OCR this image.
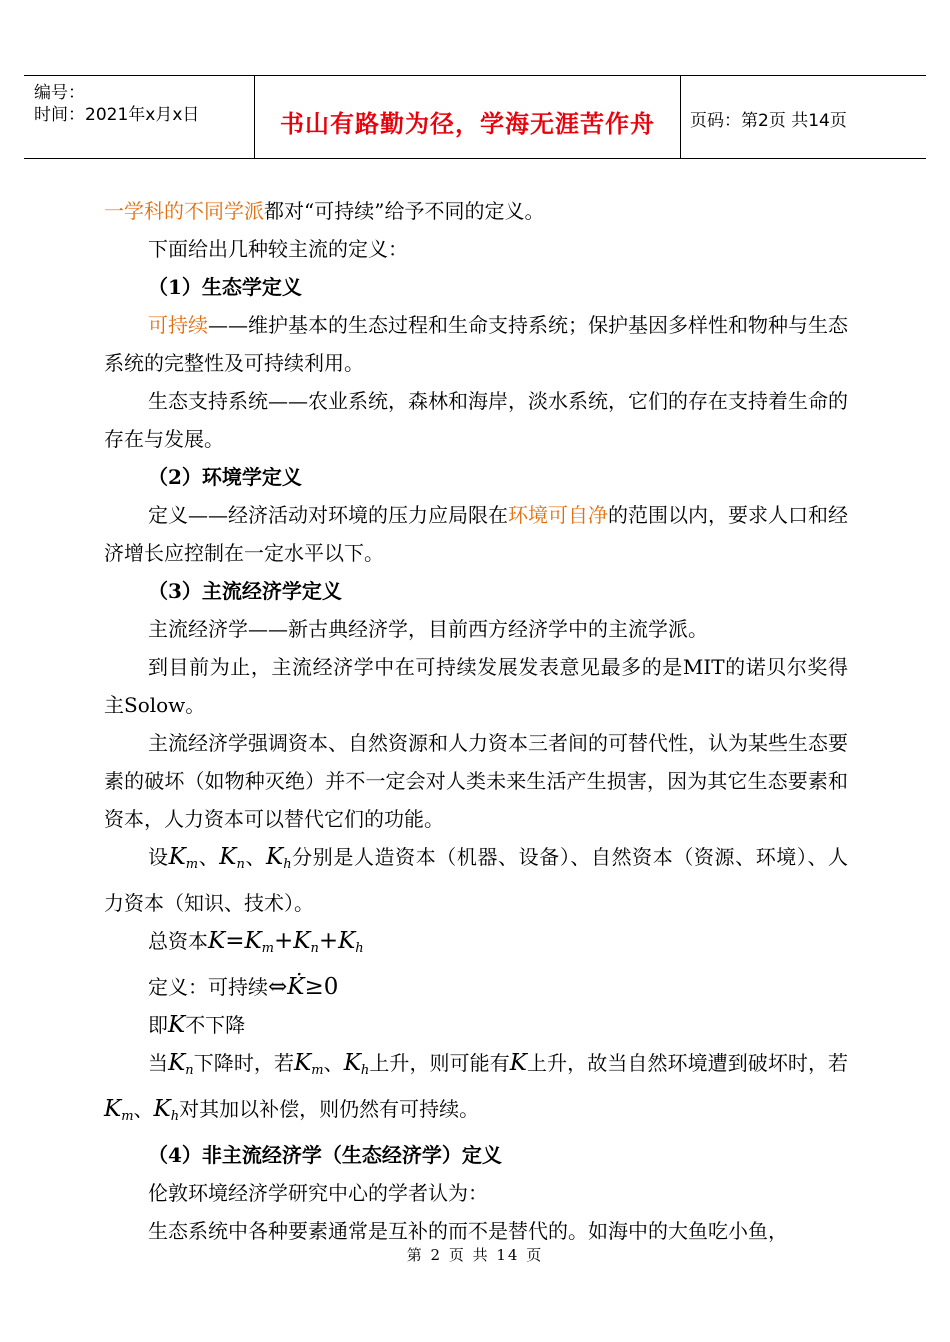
编号：
时间：2021年x月x日	书山有路勤为径，学海无涯苦作舟	页码：第2页 共14页

一学科的不同学派都对“可持续”给予不同的定义。

下面给出几种较主流的定义：

（1）生态学定义

可持续——维护基本的生态过程和生命支持系统；保护基因多样性和物种与生态系统的完整性及可持续利用。

生态支持系统——农业系统，森林和海岸，淡水系统，它们的存在支持着生命的存在与发展。

（2）环境学定义

定义——经济活动对环境的压力应局限在环境可自净的范围以内，要求人口和经济增长应控制在一定水平以下。

（3）主流经济学定义

主流经济学——新古典经济学，目前西方经济学中的主流学派。

到目前为止，主流经济学中在可持续发展发表意见最多的是MIT的诺贝尔奖得主Solow。

主流经济学强调资本、自然资源和人力资本三者间的可替代性，认为某些生态要素的破坏（如物种灭绝）并不一定会对人类未来生活产生损害，因为其它生态要素和资本，人力资本可以替代它们的功能。

设$K_m$、$K_n$、$K_h$分别是人造资本（机器、设备）、自然资本（资源、环境）、人力资本（知识、技术）。

总资本$K=K_m+K_n+K_h$

定义：可持续⇔K̇≥0

即K不下降

当$K_n$下降时，若$K_m$、$K_h$上升，则可能有K上升，故当自然环境遭到破坏时，若$K_m$、$K_h$对其加以补偿，则仍然有可持续。

（4）非主流经济学（生态经济学）定义

伦敦环境经济学研究中心的学者认为：

生态系统中各种要素通常是互补的而不是替代的。如海中的大鱼吃小鱼，

第 2 页 共 14 页
